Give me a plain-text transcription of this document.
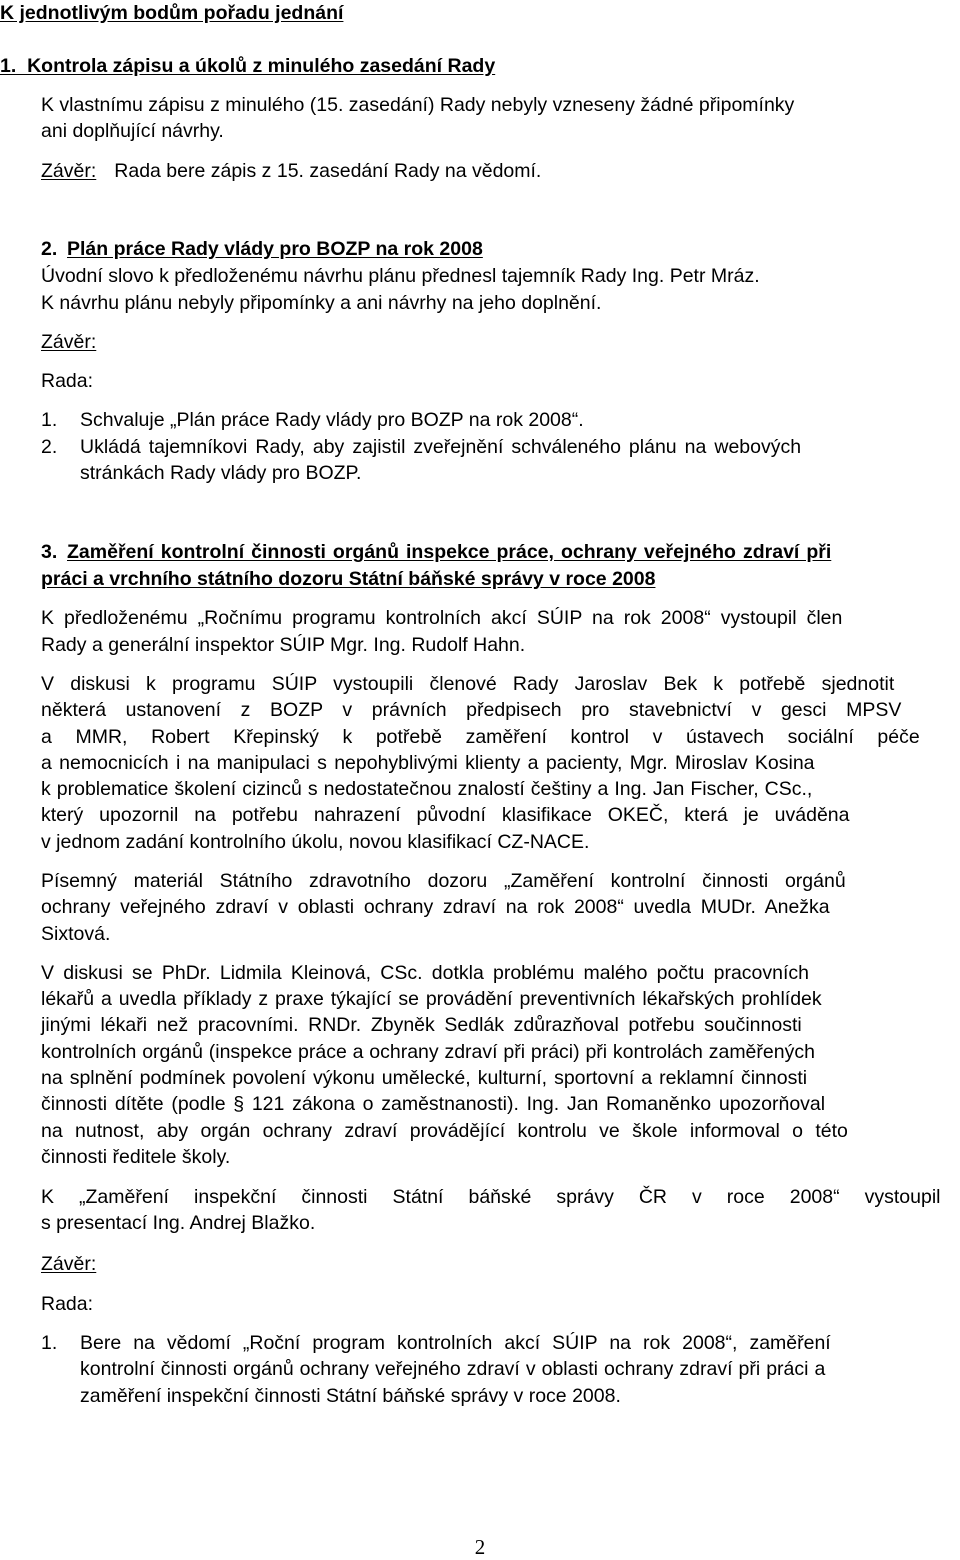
K jednotlivým bodům pořadu jednání
1.  Kontrola zápisu a úkolů z minulého zasedání Rady
K vlastnímu zápisu z minulého (15. zasedání) Rady nebyly vzneseny žádné připomínky
ani doplňující návrhy.
Závěr: Rada bere zápis z 15. zasedání Rady na vědomí.
2. Plán práce Rady vlády pro BOZP na rok 2008
Úvodní slovo k předloženému návrhu plánu přednesl tajemník Rady Ing. Petr Mráz.
K návrhu plánu nebyly připomínky a ani návrhy na jeho doplnění.
Závěr:
Rada:
1. Schvaluje „Plán práce Rady vlády pro BOZP na rok 2008“.
2. Ukládá tajemníkovi Rady, aby zajistil zveřejnění schváleného plánu na webových
stránkách Rady vlády pro BOZP.
3. Zaměření kontrolní činnosti orgánů inspekce práce, ochrany veřejného zdraví při
práci a vrchního státního dozoru Státní báňské správy v roce 2008
K předloženému „Ročnímu programu kontrolních akcí SÚIP na rok 2008“ vystoupil člen
Rady a generální inspektor SÚIP Mgr. Ing. Rudolf Hahn.
V diskusi k programu SÚIP vystoupili členové Rady Jaroslav Bek k potřebě sjednotit
některá ustanovení z BOZP v právních předpisech pro stavebnictví v gesci MPSV
a MMR, Robert Křepinský k potřebě zaměření kontrol v ústavech sociální péče
a nemocnicích i na manipulaci s nepohyblivými klienty a pacienty, Mgr. Miroslav Kosina
k problematice školení cizinců s nedostatečnou znalostí češtiny a Ing. Jan Fischer, CSc.,
který upozornil na potřebu nahrazení původní klasifikace OKEČ, která je uváděna
v jednom zadání kontrolního úkolu, novou klasifikací CZ-NACE.
Písemný materiál Státního zdravotního dozoru „Zaměření kontrolní činnosti orgánů
ochrany veřejného zdraví v oblasti ochrany zdraví na rok 2008“ uvedla MUDr. Anežka
Sixtová.
V diskusi se PhDr. Lidmila Kleinová, CSc. dotkla problému malého počtu pracovních
lékařů a uvedla příklady z praxe týkající se provádění preventivních lékařských prohlídek
jinými lékaři než pracovními. RNDr. Zbyněk Sedlák zdůrazňoval potřebu součinnosti
kontrolních orgánů (inspekce práce a ochrany zdraví při práci) při kontrolách zaměřených
na splnění podmínek povolení výkonu umělecké, kulturní, sportovní a reklamní činnosti
činnosti dítěte (podle § 121 zákona o zaměstnanosti). Ing. Jan Romaněnko upozorňoval
na nutnost, aby orgán ochrany zdraví provádějící kontrolu ve škole informoval o této
činnosti ředitele školy.
K „Zaměření inspekční činnosti Státní báňské správy ČR v roce 2008“ vystoupil
s presentací Ing. Andrej Blažko.
Závěr:
Rada:
1. Bere na vědomí „Roční program kontrolních akcí SÚIP na rok 2008“, zaměření
kontrolní činnosti orgánů ochrany veřejného zdraví v oblasti ochrany zdraví při práci a
zaměření inspekční činnosti Státní báňské správy v roce 2008.
2
